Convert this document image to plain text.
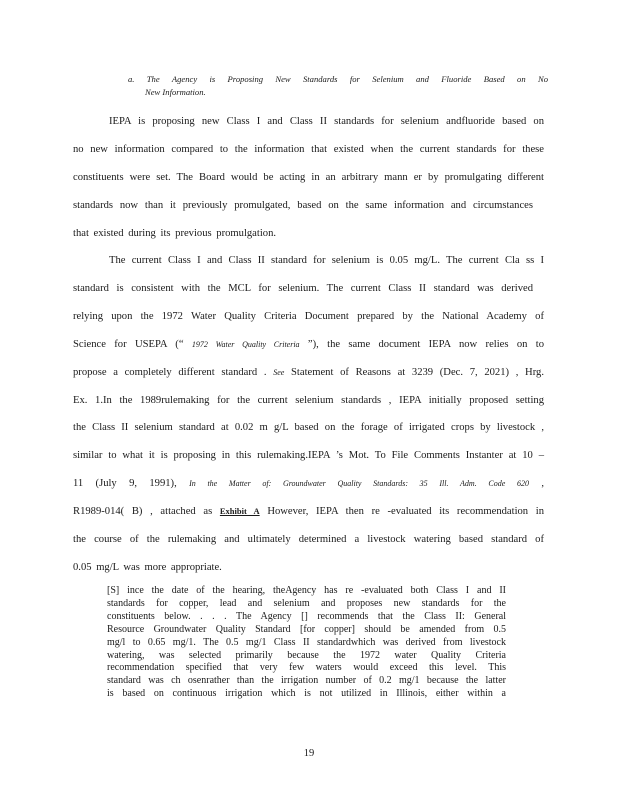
a. The Agency is Proposing New Standards for Selenium and Fluoride Based on No
New Information.
IEPA is proposing new Class I and Class II standards for selenium andfluoride based on
no new information compared to the information that existed when the current standards for these
constituents were set. The Board would be acting in an arbitrary mann er by promulgating different
standards now than it previously promulgated, based on the same information and circumstances
that existed during its previous promulgation.
The current Class I and Class II standard for selenium is 0.05 mg/L. The current Cla ss I
standard is consistent with the MCL for selenium. The current Class II standard was derived
relying upon the 1972 Water Quality Criteria Document prepared by the National Academy of
Science for USEPA (“ 1972 Water Quality Criteria ”), the same document IEPA now relies on to
propose a completely different standard . See Statement of Reasons at 3239 (Dec. 7, 2021) , Hrg.
Ex. 1.In the 1989rulemaking for the current selenium standards , IEPA initially proposed setting
the Class II selenium standard at 0.02 m g/L based on the forage of irrigated crops by livestock ,
similar to what it is proposing in this rulemaking.IEPA ’s Mot. To File Comments Instanter at 10 –
11 (July 9, 1991), In the Matter of: Groundwater Quality Standards: 35 Ill. Adm. Code 620 ,
R1989-014( B) , attached as Exhibit A However, IEPA then re -evaluated its recommendation in
the course of the rulemaking and ultimately determined a livestock watering based standard of
0.05 mg/L was more appropriate.
[S] ince the date of the hearing, theAgency has re -evaluated both Class I and II
standards for copper, lead and selenium and proposes new standards for the
constituents below. . . . The Agency [] recommends that the Class II: General
Resource Groundwater Quality Standard [for copper] should be amended from 0.5
mg/l to 0.65 mg/1. The 0.5 mg/1 Class II standardwhich was derived from livestock
watering, was selected primarily because the 1972 water Quality Criteria
recommendation specified that very few waters would exceed this level. This
standard was ch osenrather than the irrigation number of 0.2 mg/1 because the latter
is based on continuous irrigation which is not utilized in Illinois, either within a
19
